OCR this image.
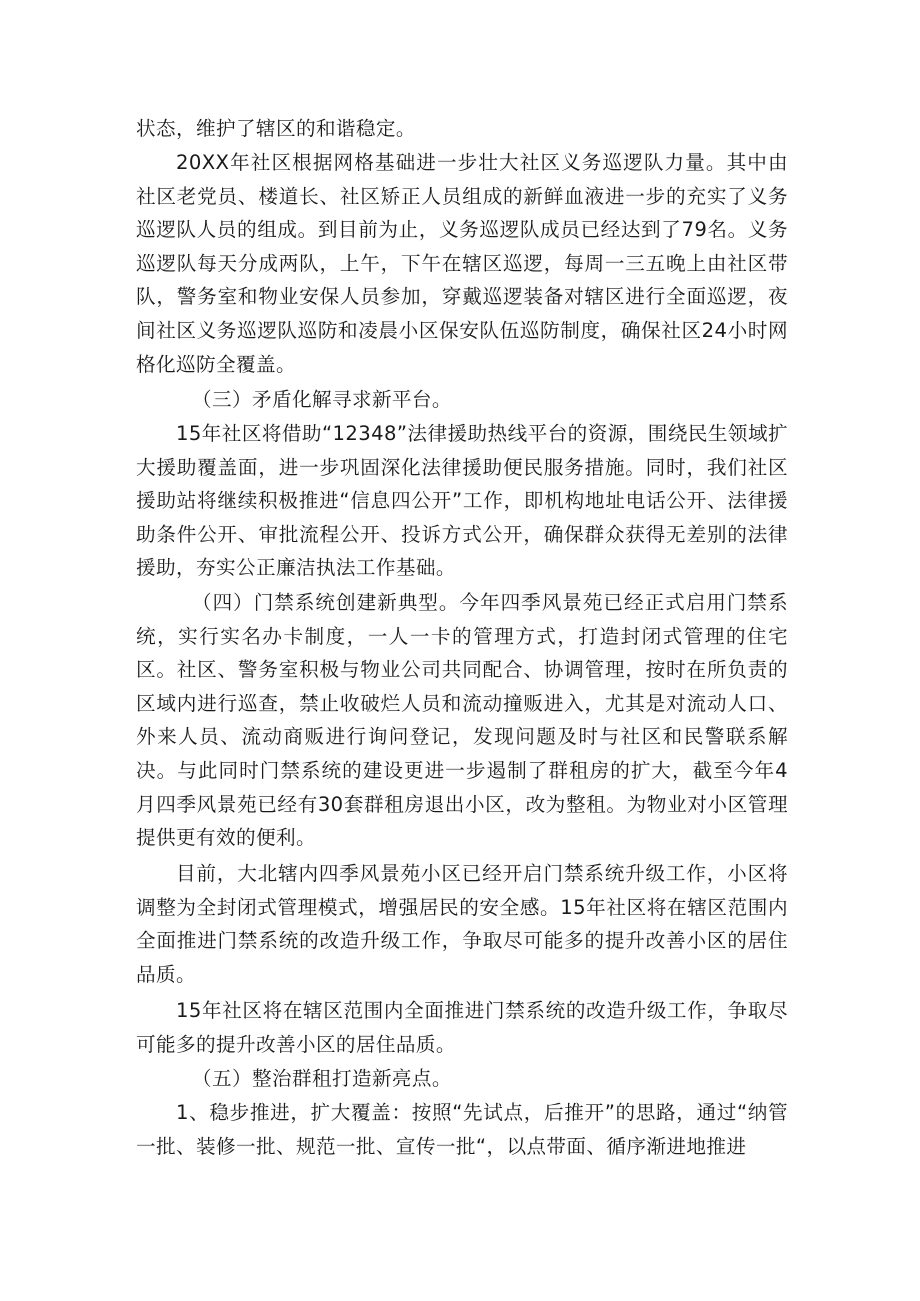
状态，维护了辖区的和谐稳定。

20XX年社区根据网格基础进一步壮大社区义务巡逻队力量。其中由社区老党员、楼道长、社区矫正人员组成的新鲜血液进一步的充实了义务巡逻队人员的组成。到目前为止，义务巡逻队成员已经达到了79名。义务巡逻队每天分成两队，上午，下午在辖区巡逻，每周一三五晚上由社区带队，警务室和物业安保人员参加，穿戴巡逻装备对辖区进行全面巡逻，夜间社区义务巡逻队巡防和凌晨小区保安队伍巡防制度，确保社区24小时网格化巡防全覆盖。

（三）矛盾化解寻求新平台。

15年社区将借助“12348”法律援助热线平台的资源，围绕民生领域扩大援助覆盖面，进一步巩固深化法律援助便民服务措施。同时，我们社区援助站将继续积极推进“信息四公开”工作，即机构地址电话公开、法律援助条件公开、审批流程公开、投诉方式公开，确保群众获得无差别的法律援助，夯实公正廉洁执法工作基础。

（四）门禁系统创建新典型。今年四季风景苑已经正式启用门禁系统，实行实名办卡制度，一人一卡的管理方式，打造封闭式管理的住宅区。社区、警务室积极与物业公司共同配合、协调管理，按时在所负责的区域内进行巡查，禁止收破烂人员和流动撞贩进入，尤其是对流动人口、外来人员、流动商贩进行询问登记，发现问题及时与社区和民警联系解决。与此同时门禁系统的建设更进一步遏制了群租房的扩大，截至今年4月四季风景苑已经有30套群租房退出小区，改为整租。为物业对小区管理提供更有效的便利。

目前，大北辖内四季风景苑小区已经开启门禁系统升级工作，小区将调整为全封闭式管理模式，增强居民的安全感。15年社区将在辖区范围内全面推进门禁系统的改造升级工作，争取尽可能多的提升改善小区的居住品质。

15年社区将在辖区范围内全面推进门禁系统的改造升级工作，争取尽可能多的提升改善小区的居住品质。

（五）整治群租打造新亮点。

1、稳步推进，扩大覆盖：按照“先试点，后推开”的思路，通过“纳管一批、装修一批、规范一批、宣传一批“，以点带面、循序渐进地推进
